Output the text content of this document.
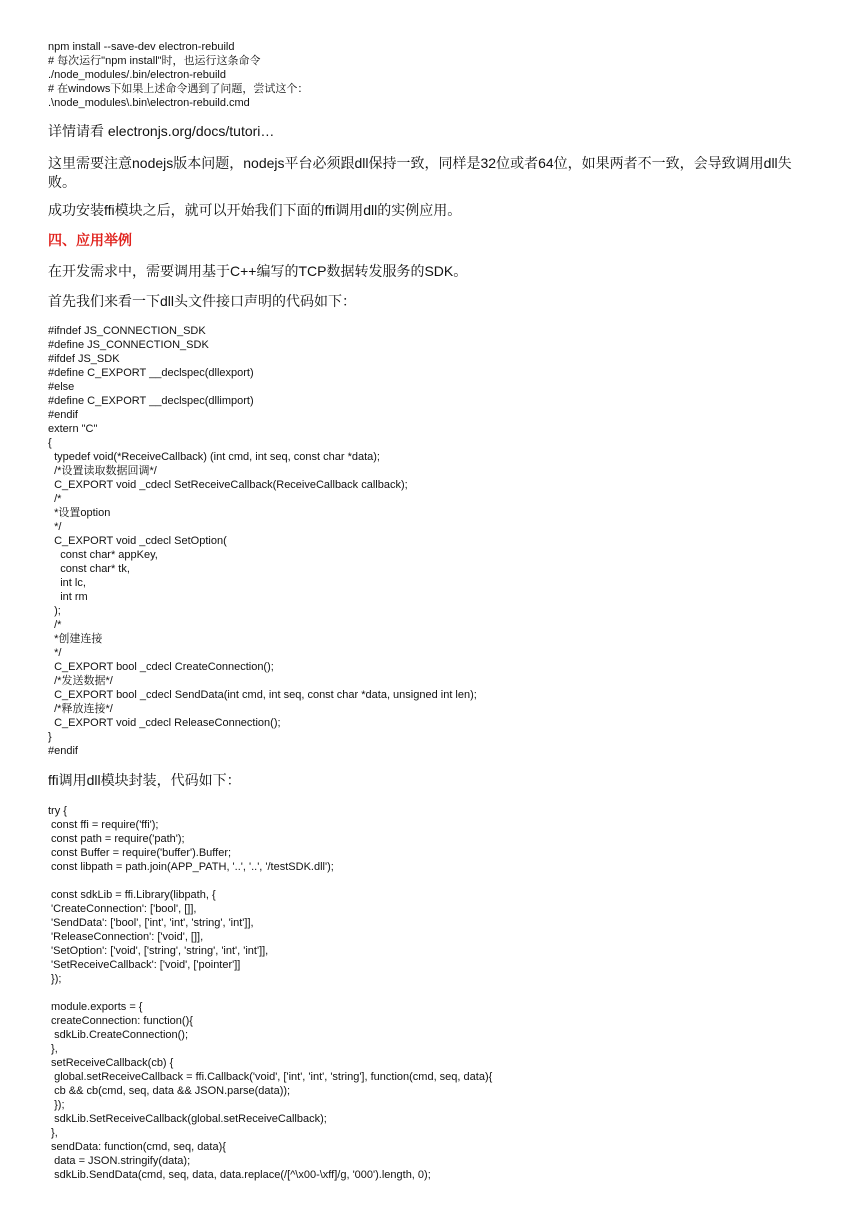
npm install --save-dev electron-rebuild
# 每次运行"npm install"时，也运行这条命令
./node_modules/.bin/electron-rebuild
# 在windows下如果上述命令遇到了问题，尝试这个：
.\node_modules\.bin\electron-rebuild.cmd

详情请看 electronjs.org/docs/tutori…

这里需要注意nodejs版本问题，nodejs平台必须跟dll保持一致，同样是32位或者64位，如果两者不一致，会导致调用dll失败。

成功安装ffi模块之后，就可以开始我们下面的ffi调用dll的实例应用。

四、应用举例

在开发需求中，需要调用基于C++编写的TCP数据转发服务的SDK。

首先我们来看一下dll头文件接口声明的代码如下：

#ifndef JS_CONNECTION_SDK
#define JS_CONNECTION_SDK
#ifdef JS_SDK
#define C_EXPORT __declspec(dllexport)
#else
#define C_EXPORT __declspec(dllimport)
#endif
extern "C"
{
typedef void(*ReceiveCallback) (int cmd, int seq, const char *data);
/*设置读取数据回调*/
C_EXPORT void _cdecl SetReceiveCallback(ReceiveCallback callback);
/*
*设置option
*/
C_EXPORT void _cdecl SetOption(
const char* appKey,
const char* tk,
int lc,
int rm
);
/*
*创建连接
*/
C_EXPORT bool _cdecl CreateConnection();
/*发送数据*/
C_EXPORT bool _cdecl SendData(int cmd, int seq, const char *data, unsigned int len);
/*释放连接*/
C_EXPORT void _cdecl ReleaseConnection();
}
#endif

ffi调用dll模块封装，代码如下：

try {
const ffi = require('ffi');
const path = require('path');
const Buffer = require('buffer').Buffer;
const libpath = path.join(APP_PATH, '..', '..', '/testSDK.dll');

const sdkLib = ffi.Library(libpath, {
'CreateConnection': ['bool', []],
'SendData': ['bool', ['int', 'int', 'string', 'int']],
'ReleaseConnection': ['void', []],
'SetOption': ['void', ['string', 'string', 'int', 'int']],
'SetReceiveCallback': ['void', ['pointer']]
});

module.exports = {
createConnection: function(){
sdkLib.CreateConnection();
},
setReceiveCallback(cb) {
global.setReceiveCallback = ffi.Callback('void', ['int', 'int', 'string'], function(cmd, seq, data){
cb && cb(cmd, seq, data && JSON.parse(data));
});
sdkLib.SetReceiveCallback(global.setReceiveCallback);
},
sendData: function(cmd, seq, data){
data = JSON.stringify(data);
sdkLib.SendData(cmd, seq, data, data.replace(/[^\x00-\xff]/g, '000').length, 0);
